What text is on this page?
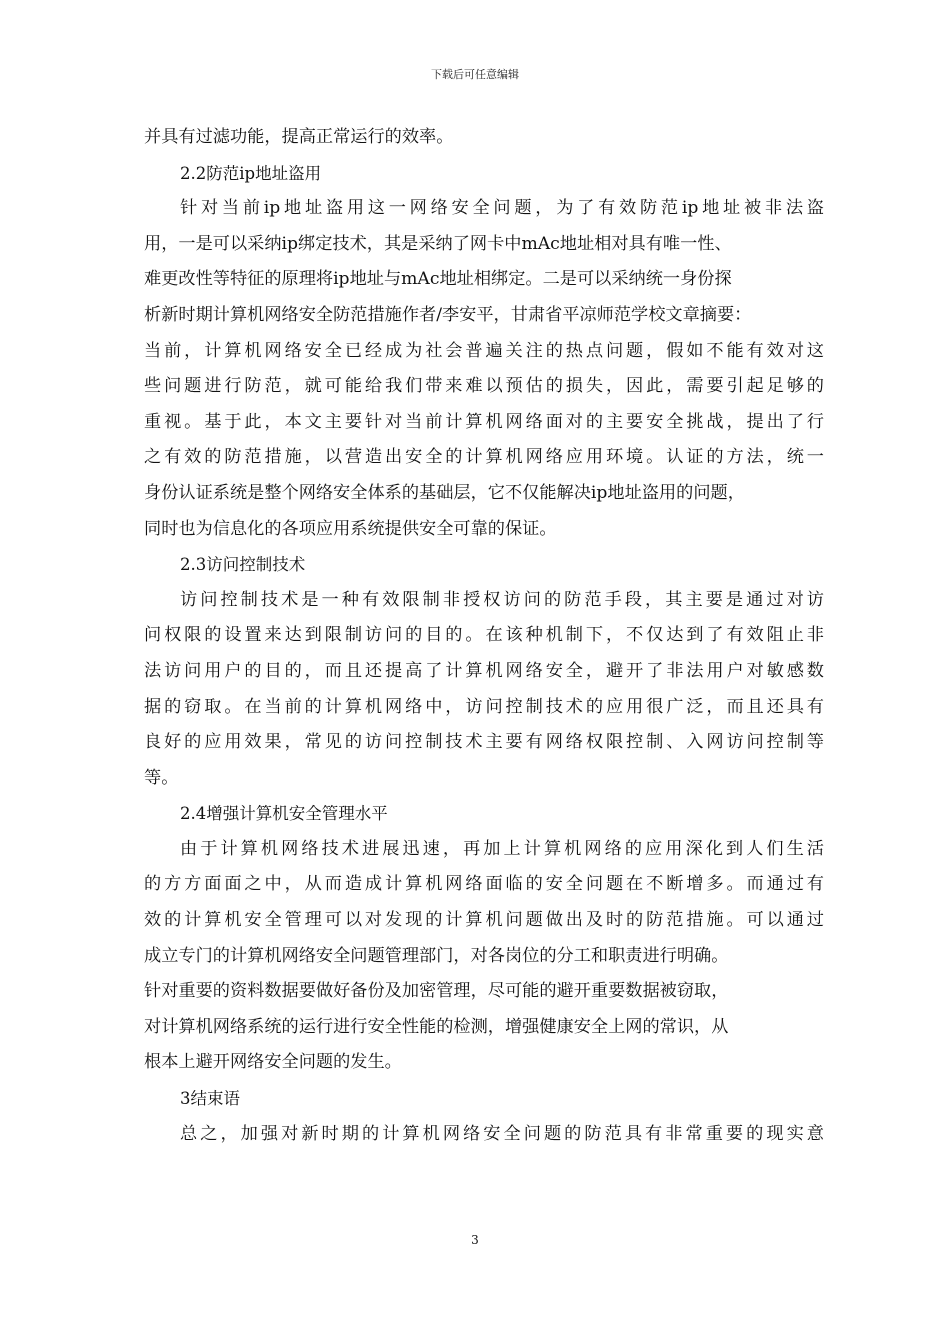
下载后可任意编辑
并具有过滤功能，提高正常运行的效率。
2.2防范ip地址盗用
针对当前ip地址盗用这一网络安全问题，为了有效防范ip地址被非法盗
用，一是可以采纳ip绑定技术，其是采纳了网卡中mAc地址相对具有唯一性、
难更改性等特征的原理将ip地址与mAc地址相绑定。二是可以采纳统一身份探
析新时期计算机网络安全防范措施作者/李安平，甘肃省平凉师范学校文章摘要：
当前，计算机网络安全已经成为社会普遍关注的热点问题，假如不能有效对这
些问题进行防范，就可能给我们带来难以预估的损失，因此，需要引起足够的
重视。基于此，本文主要针对当前计算机网络面对的主要安全挑战，提出了行
之有效的防范措施，以营造出安全的计算机网络应用环境。认证的方法，统一
身份认证系统是整个网络安全体系的基础层，它不仅能解决ip地址盗用的问题，
同时也为信息化的各项应用系统提供安全可靠的保证。
2.3访问控制技术
访问控制技术是一种有效限制非授权访问的防范手段，其主要是通过对访
问权限的设置来达到限制访问的目的。在该种机制下，不仅达到了有效阻止非
法访问用户的目的，而且还提高了计算机网络安全，避开了非法用户对敏感数
据的窃取。在当前的计算机网络中，访问控制技术的应用很广泛，而且还具有
良好的应用效果，常见的访问控制技术主要有网络权限控制、入网访问控制等
等。
2.4增强计算机安全管理水平
由于计算机网络技术进展迅速，再加上计算机网络的应用深化到人们生活
的方方面面之中，从而造成计算机网络面临的安全问题在不断增多。而通过有
效的计算机安全管理可以对发现的计算机问题做出及时的防范措施。可以通过
成立专门的计算机网络安全问题管理部门，对各岗位的分工和职责进行明确。
针对重要的资料数据要做好备份及加密管理，尽可能的避开重要数据被窃取，
对计算机网络系统的运行进行安全性能的检测，增强健康安全上网的常识，从
根本上避开网络安全问题的发生。
3结束语
总之，加强对新时期的计算机网络安全问题的防范具有非常重要的现实意
3
